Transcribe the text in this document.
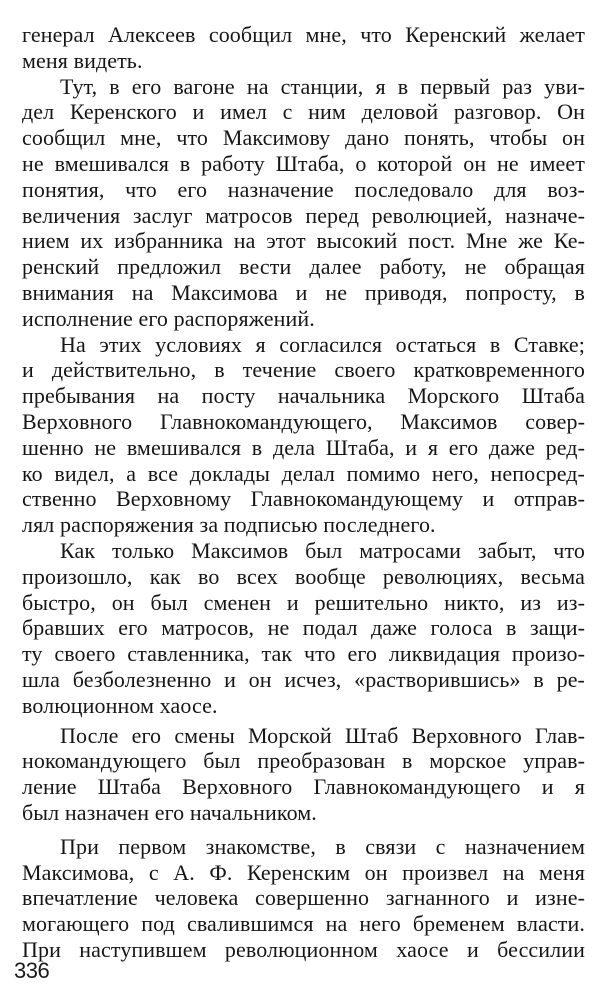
генерал Алексеев сообщил мне, что Керенский желает
меня видеть.
Тут, в его вагоне на станции, я в первый раз уви-
дел Керенского и имел с ним деловой разговор. Он
сообщил мне, что Максимову дано понять, чтобы он
не вмешивался в работу Штаба, о которой он не имеет
понятия, что его назначение последовало для воз-
величения заслуг матросов перед революцией, назначе-
нием их избранника на этот высокий пост. Мне же Ке-
ренский предложил вести далее работу, не обращая
внимания на Максимова и не приводя, попросту, в
исполнение его распоряжений.
На этих условиях я согласился остаться в Ставке;
и действительно, в течение своего кратковременного
пребывания на посту начальника Морского Штаба
Верховного Главнокомандующего, Максимов совер-
шенно не вмешивался в дела Штаба, и я его даже ред-
ко видел, а все доклады делал помимо него, непосред-
ственно Верховному Главнокомандующему и отправ-
лял распоряжения за подписью последнего.
Как только Максимов был матросами забыт, что
произошло, как во всех вообще революциях, весьма
быстро, он был сменен и решительно никто, из из-
бравших его матросов, не подал даже голоса в защи-
ту своего ставленника, так что его ликвидация произо-
шла безболезненно и он исчез, «растворившись» в ре-
волюционном хаосе.
После его смены Морской Штаб Верховного Глав-
нокомандующего был преобразован в морское управ-
ление Штаба Верховного Главнокомандующего и я
был назначен его начальником.
При первом знакомстве, в связи с назначением
Максимова, с А. Ф. Керенским он произвел на меня
впечатление человека совершенно загнанного и изне-
могающего под свалившимся на него бременем власти.
При наступившем революционном хаосе и бессилии
336
